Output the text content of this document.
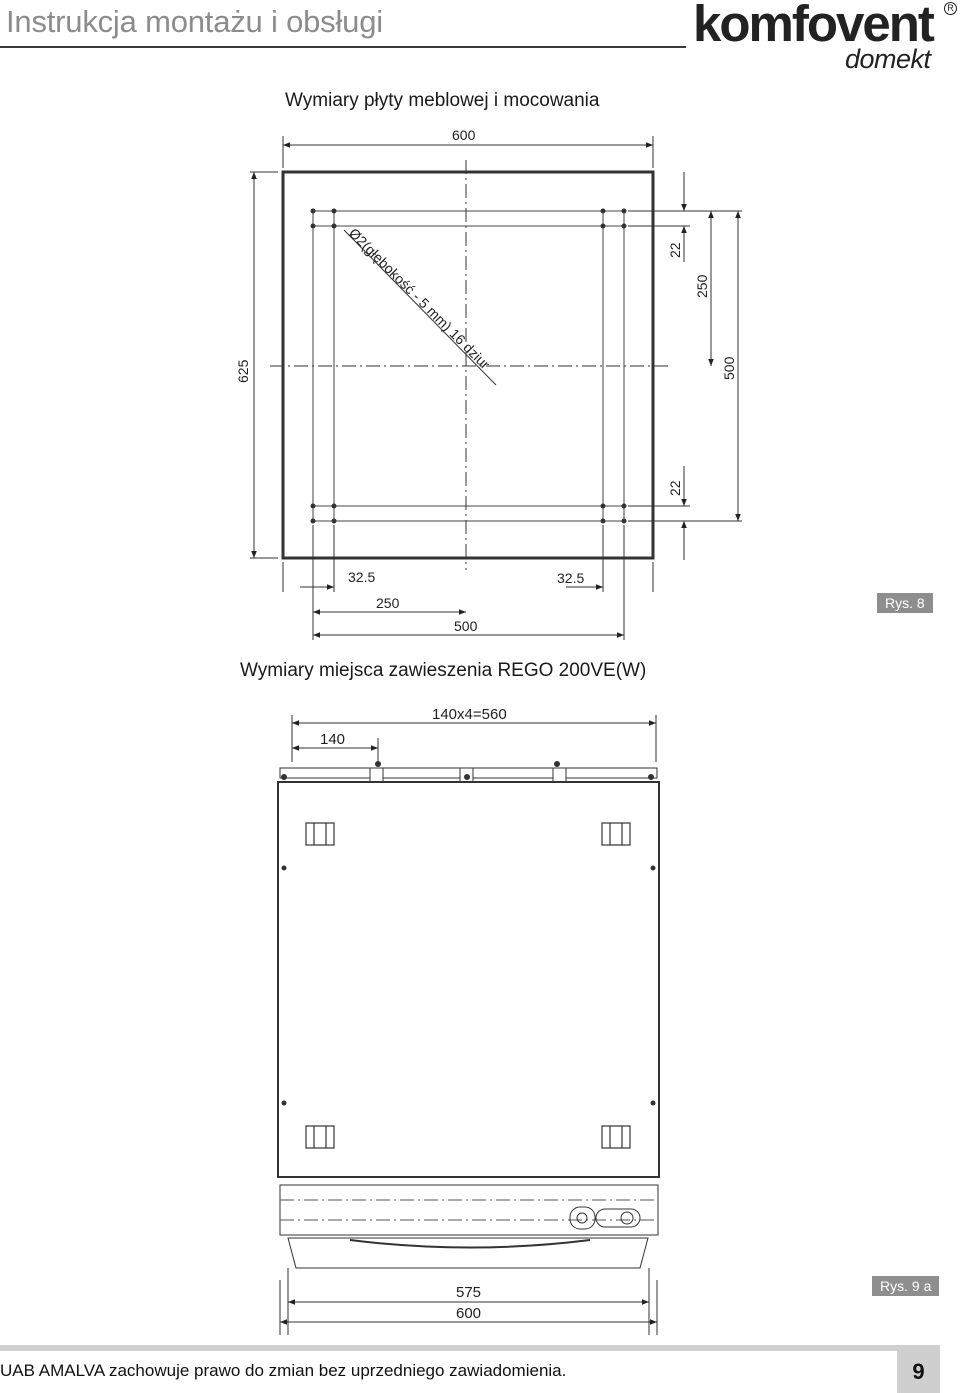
Instrukcja montażu i obsługi	komfovent
domekt
R
Wymiary płyty meblowej i mocowania
Ø2(głębokość - 5 mm) 16 dziur
600
625
22
250
500
22
32.5	32.5
250
500
Rys. 8
Wymiary miejsca zawieszenia REGO 200VE(W)
140x4=560
140
575
600
Rys. 9 a
UAB AMALVA zachowuje prawo do zmian bez uprzedniego zawiadomienia.	9
